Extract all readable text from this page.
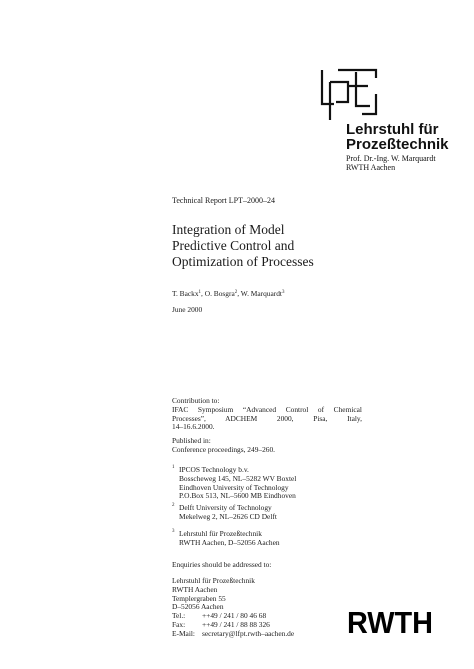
Lehrstuhl für
Prozeßtechnik
Prof. Dr.-Ing. W. Marquardt
RWTH Aachen
Technical Report LPT–2000–24
Integration of Model
Predictive Control and
Optimization of Processes
T. Backx$^1$, O. Bosgra$^2$, W. Marquardt$^3$
June 2000
Contribution to:
IFAC Symposium “Advanced Control of Chemical
Processes”, ADCHEM 2000, Pisa, Italy,
14–16.6.2000.
Published in:
Conference proceedings, 249–260.
1 IPCOS Technology b.v.
Bosscheweg 145, NL–5282 WV Boxtel
Eindhoven University of Technology
P.O.Box 513, NL–5600 MB Eindhoven
2 Delft University of Technology
Mekelweg 2, NL–2626 CD Delft
3 Lehrstuhl für Prozeßtechnik
RWTH Aachen, D–52056 Aachen
Enquiries should be addressed to:
Lehrstuhl für Prozeßtechnik
RWTH Aachen
Templergraben 55
D–52056 Aachen
Tel.: ++49 / 241 / 80 46 68
Fax: ++49 / 241 / 88 88 326
E-Mail: secretary@lfpt.rwth–aachen.de RWTH
